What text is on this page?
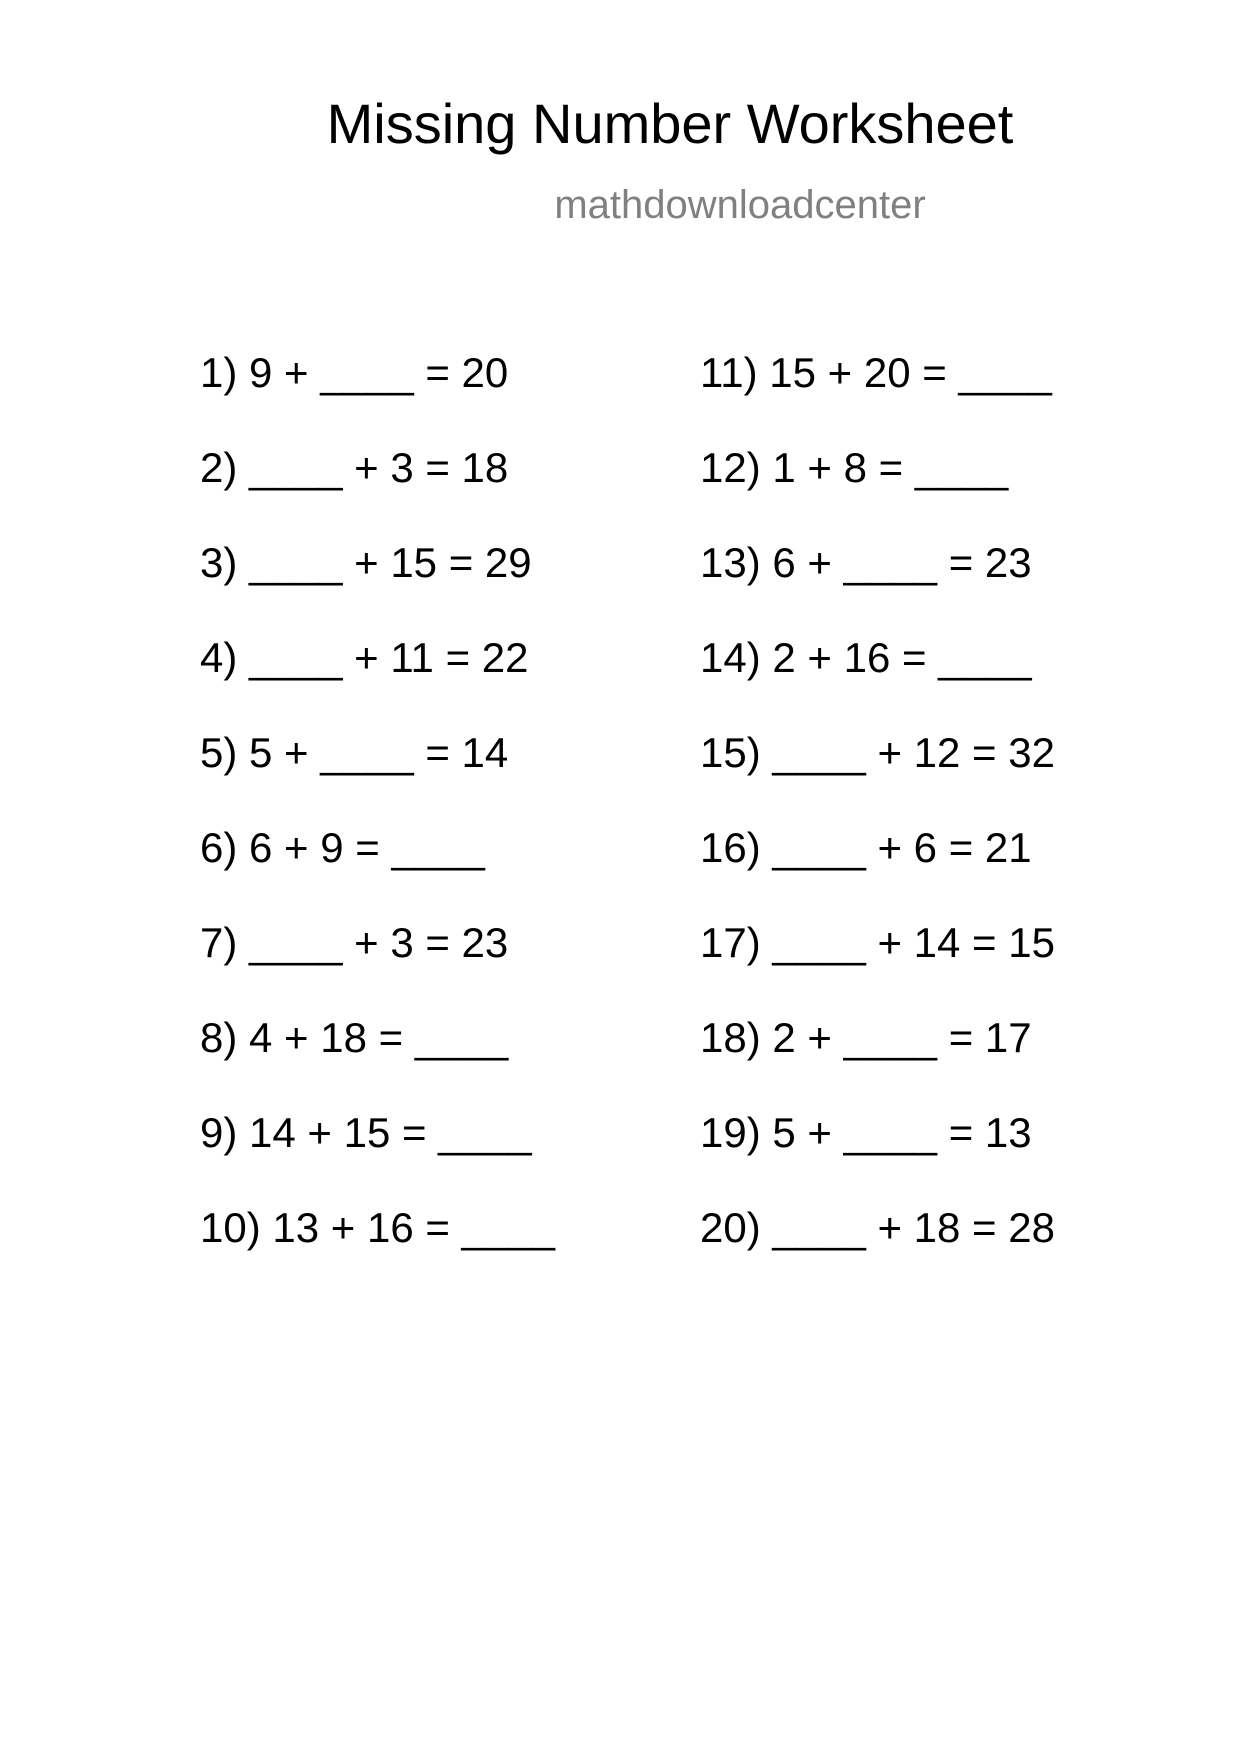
Missing Number Worksheet
mathdownloadcenter
1) 9 + ____ = 20
2) ____ + 3 = 18
3) ____ + 15 = 29
4) ____ + 11 = 22
5) 5 + ____ = 14
6) 6 + 9 = ____
7) ____ + 3 = 23
8) 4 + 18 = ____
9) 14 + 15 = ____
10) 13 + 16 = ____
11) 15 + 20 = ____
12) 1 + 8 = ____
13) 6 + ____ = 23
14) 2 + 16 = ____
15) ____ + 12 = 32
16) ____ + 6 = 21
17) ____ + 14 = 15
18) 2 + ____ = 17
19) 5 + ____ = 13
20) ____ + 18 = 28
